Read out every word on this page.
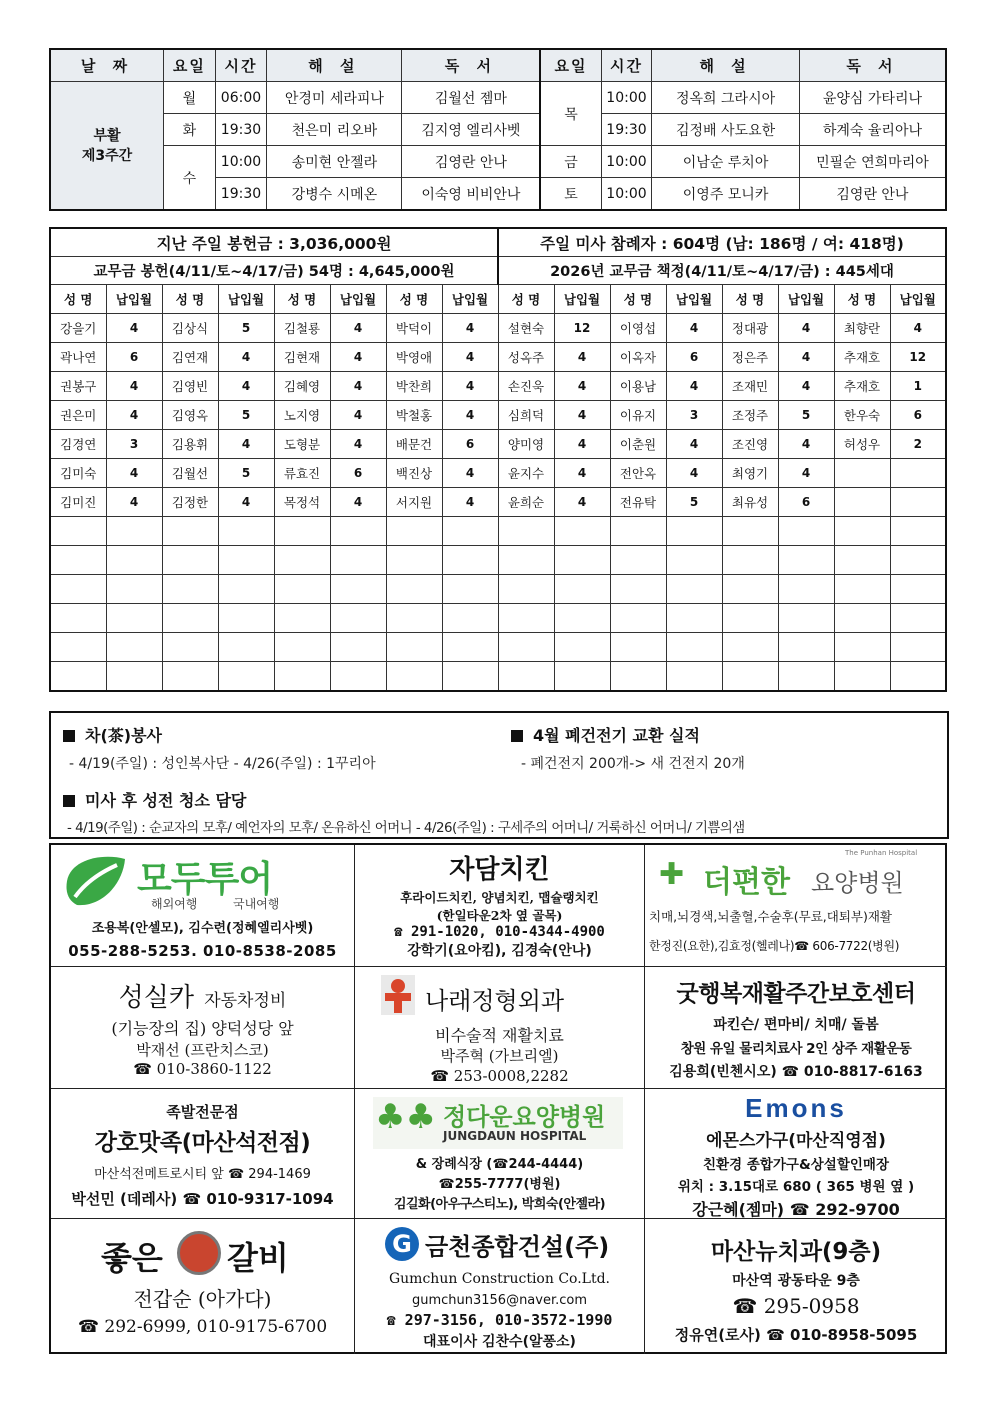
날 짜	요일	시간	해 설	독 서	요일	시간	해 설	독 서
부활
제3주간	월	06:00	안경미 세라피나	김월선 젬마	목	10:00	정옥희 그라시아	윤양심 가타리나
	화	19:30	천은미 리오바	김지영 엘리사벳		19:30	김정배 사도요한	하계숙 율리아나
	수	10:00	송미현 안젤라	김영란 안나	금	10:00	이남순 루치아	민필순 연희마리아
		19:30	강병수 시메온	이숙영 비비안나	토	10:00	이영주 모니카	김영란 안나
지난 주일 봉헌금 : 3,036,000원								주일 미사 참례자 : 604명 (남: 186명 / 여: 418명)							
교무금 봉헌(4/11/토~4/17/금) 54명 : 4,645,000원								2026년 교무금 책정(4/11/토~4/17/금) : 445세대							
성 명	납입월	성 명	납입월	성 명	납입월	성 명	납입월	성 명	납입월	성 명	납입월	성 명	납입월	성 명	납입월
강을기	4	김상식	5	김철룡	4	박덕이	4	설현숙	12	이영섭	4	정대광	4	최향란	4
곽나연	6	김연재	4	김현재	4	박영애	4	성옥주	4	이옥자	6	정은주	4	추재호	12
권봉구	4	김영빈	4	김혜영	4	박찬희	4	손진욱	4	이용남	4	조재민	4	추재호	1
권은미	4	김영옥	5	노지영	4	박철홍	4	심희덕	4	이유지	3	조정주	5	한우숙	6
김경연	3	김용휘	4	도형분	4	배문건	6	양미영	4	이춘원	4	조진영	4	허성우	2
김미숙	4	김월선	5	류효진	6	백진상	4	윤지수	4	전안옥	4	최영기	4		
김미진	4	김정한	4	목정석	4	서지원	4	윤희순	4	전유탁	5	최유성	6		

차(茶)봉사
- 4/19(주일) : 성인복사단 - 4/26(주일) : 1꾸리아
4월 폐건전기 교환 실적
- 폐건전지 200개-> 새 건전지 20개
미사 후 성전 청소 담당
- 4/19(주일) : 순교자의 모후/ 예언자의 모후/ 온유하신 어머니 - 4/26(주일) : 구세주의 어머니/ 거룩하신 어머니/ 기쁨의샘
모두투어
해외여행	국내여행
조용복(안셀모), 김수련(정혜엘리사벳)
055-288-5253. 010-8538-2085
자담치킨
후라이드치킨, 양념치킨, 맵슐랭치킨
(한일타운2차 옆 골목)
☎ 291-1020, 010-4344-4900
강학기(요아킴), 김경숙(안나)
✚ 더편한 요양병원
The Punhan Hospital
치매,뇌경색,뇌출혈,수술후(무료,대퇴부)재활
한정진(요한),김효정(헬레나)☎ 606-7722(병원)
성실카 자동차정비
(기능장의 집) 양덕성당 앞
박재선 (프란치스코)
☎ 010-3860-1122
나래정형외과
비수술적 재활치료
박주혁 (가브리엘)
☎ 253-0008,2282
굿행복재활주간보호센터
파킨슨/ 편마비/ 치매/ 돌봄
창원 유일 물리치료사 2인 상주 재활운동
김용희(빈첸시오) ☎ 010-8817-6163
족발전문점
강호맛족(마산석전점)
마산석전메트로시티 앞 ☎ 294-1469
박선민 (데레사) ☎ 010-9317-1094
♣♣ 정다운요양병원
JUNGDAUN HOSPITAL
& 장례식장 (☎244-4444)
☎255-7777(병원)
김길화(아우구스티노), 박희숙(안젤라)
Emons
에몬스가구(마산직영점)
친환경 종합가구&상설할인매장
위치 : 3.15대로 680 ( 365 병원 옆 )
강근혜(젬마) ☎ 292-9700
좋은 갈비
전갑순 (아가다)
☎ 292-6999, 010-9175-6700
G 금천종합건설(주)
Gumchun Construction Co.Ltd.
gumchun3156@naver.com
☎ 297-3156, 010-3572-1990
대표이사 김찬수(알퐁소)
마산뉴치과(9층)
마산역 광동타운 9층
☎ 295-0958
정유연(로사) ☎ 010-8958-5095
